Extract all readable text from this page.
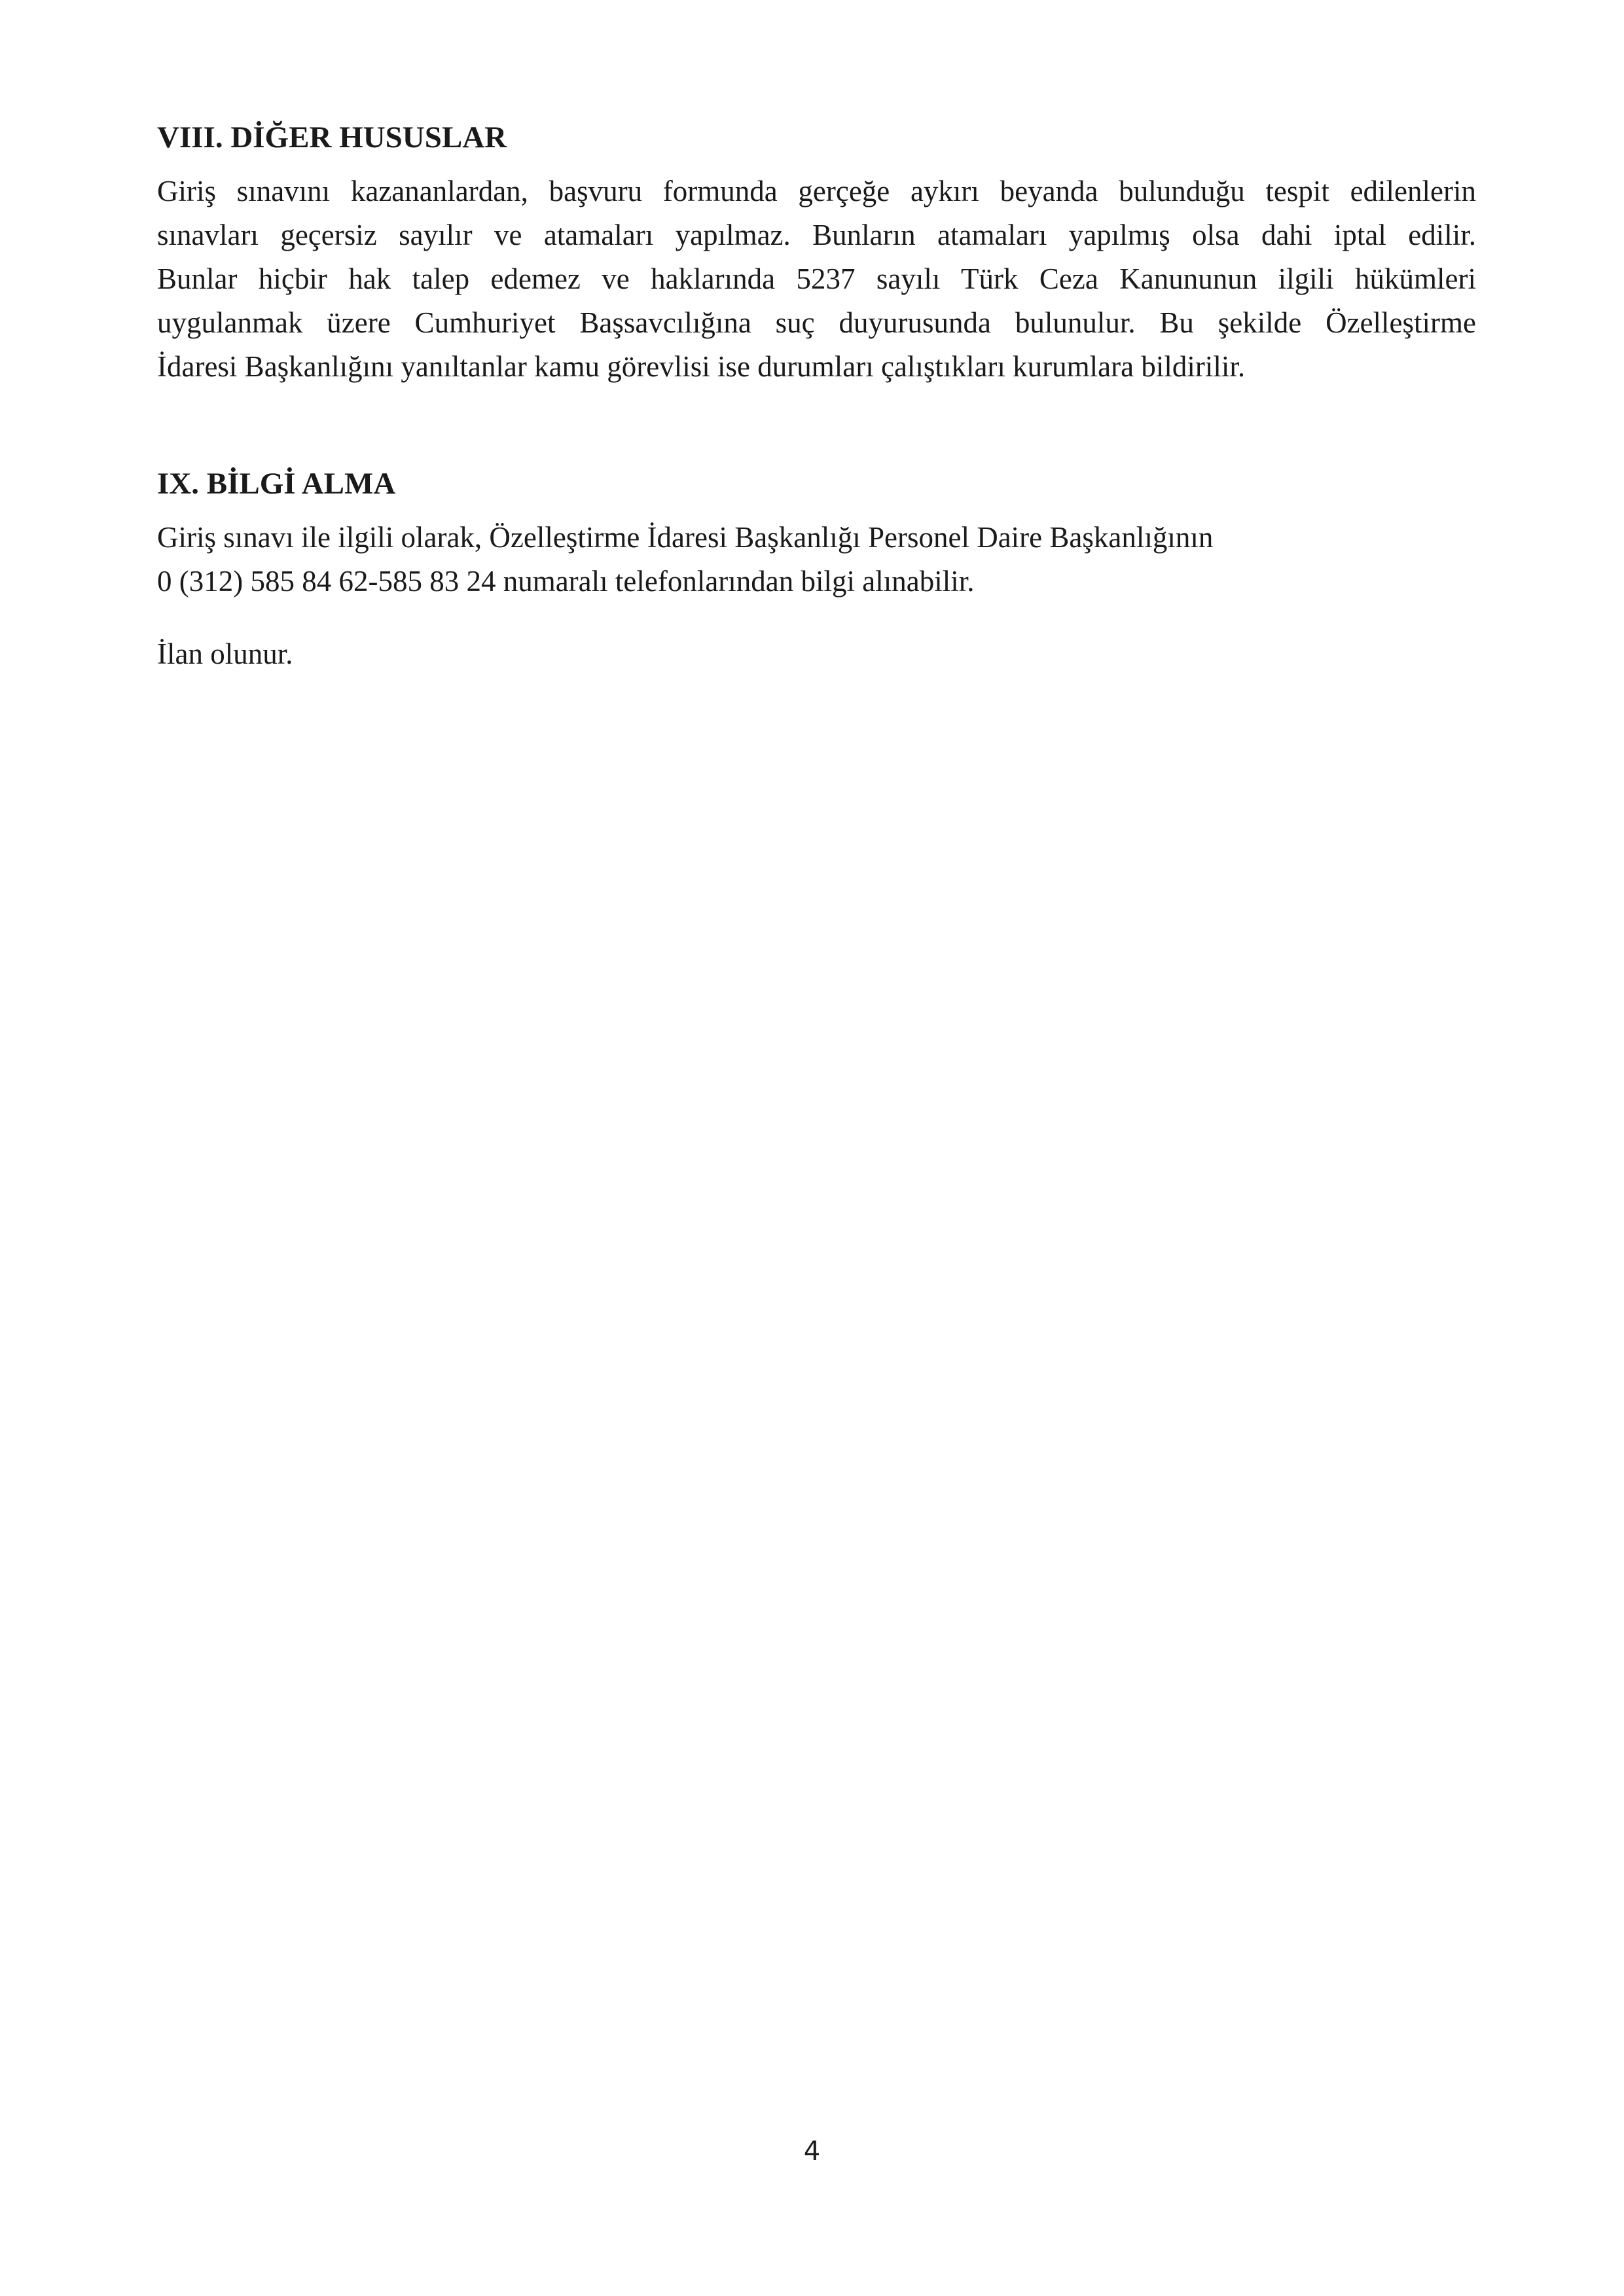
VIII. DİĞER HUSUSLAR

Giriş sınavını kazananlardan, başvuru formunda gerçeğe aykırı beyanda bulunduğu tespit edilenlerin
sınavları geçersiz sayılır ve atamaları yapılmaz. Bunların atamaları yapılmış olsa dahi iptal edilir.
Bunlar hiçbir hak talep edemez ve haklarında 5237 sayılı Türk Ceza Kanununun ilgili hükümleri
uygulanmak üzere Cumhuriyet Başsavcılığına suç duyurusunda bulunulur. Bu şekilde Özelleştirme
İdaresi Başkanlığını yanıltanlar kamu görevlisi ise durumları çalıştıkları kurumlara bildirilir.

IX. BİLGİ ALMA

Giriş sınavı ile ilgili olarak, Özelleştirme İdaresi Başkanlığı Personel Daire Başkanlığının
0 (312) 585 84 62-585 83 24 numaralı telefonlarından bilgi alınabilir.

İlan olunur.

4
